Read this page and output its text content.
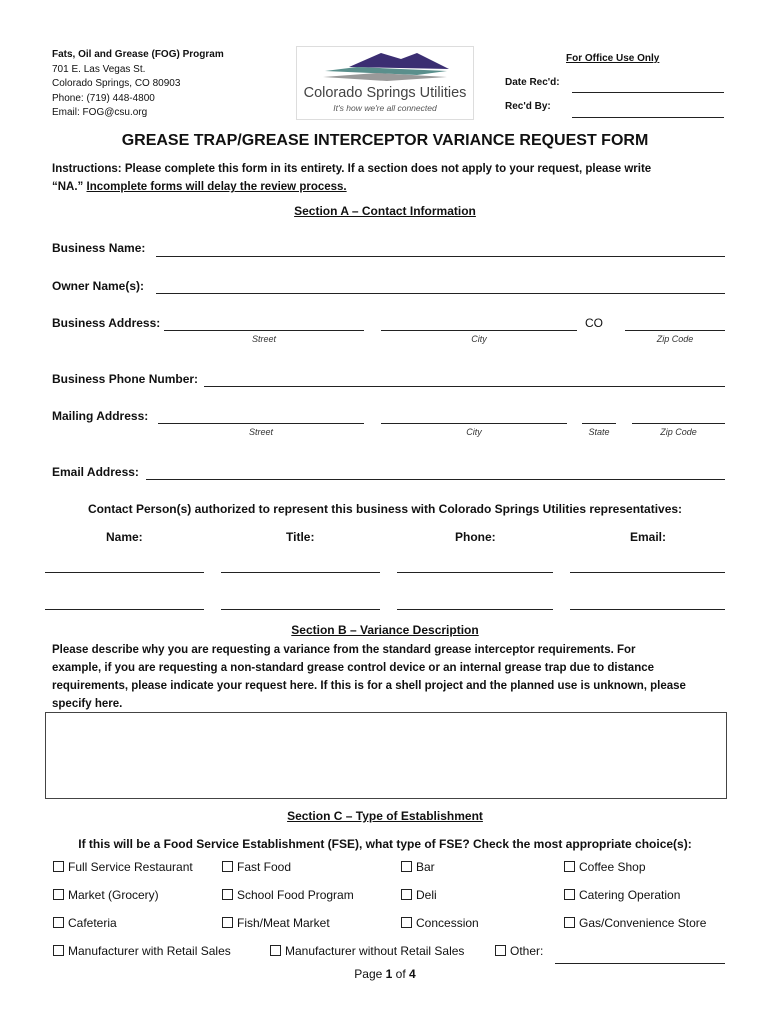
Fats, Oil and Grease (FOG) Program
701 E. Las Vegas St.
Colorado Springs, CO 80903
Phone: (719) 448-4800
Email: FOG@csu.org
Colorado Springs Utilities
It's how we're all connected
For Office Use Only
Date Rec'd:
Rec'd By:
GREASE TRAP/GREASE INTERCEPTOR VARIANCE REQUEST FORM
Instructions: Please complete this form in its entirety. If a section does not apply to your request, please write
“NA.” Incomplete forms will delay the review process.
Section A – Contact Information
Business Name:
Owner Name(s):
Business Address:	CO
Street	City	Zip Code
Business Phone Number:
Mailing Address:
Street	City	State	Zip Code
Email Address:
Contact Person(s) authorized to represent this business with Colorado Springs Utilities representatives:
Name:	Title:	Phone:	Email:
Section B – Variance Description
Please describe why you are requesting a variance from the standard grease interceptor requirements. For
example, if you are requesting a non-standard grease control device or an internal grease trap due to distance
requirements, please indicate your request here. If this is for a shell project and the planned use is unknown, please
specify here.
Section C – Type of Establishment
If this will be a Food Service Establishment (FSE), what type of FSE? Check the most appropriate choice(s):
Full Service Restaurant	Fast Food	Bar	Coffee Shop
Market (Grocery)	School Food Program	Deli	Catering Operation
Cafeteria	Fish/Meat Market	Concession	Gas/Convenience Store
Manufacturer with Retail Sales	Manufacturer without Retail Sales	Other:
Page 1 of 4
